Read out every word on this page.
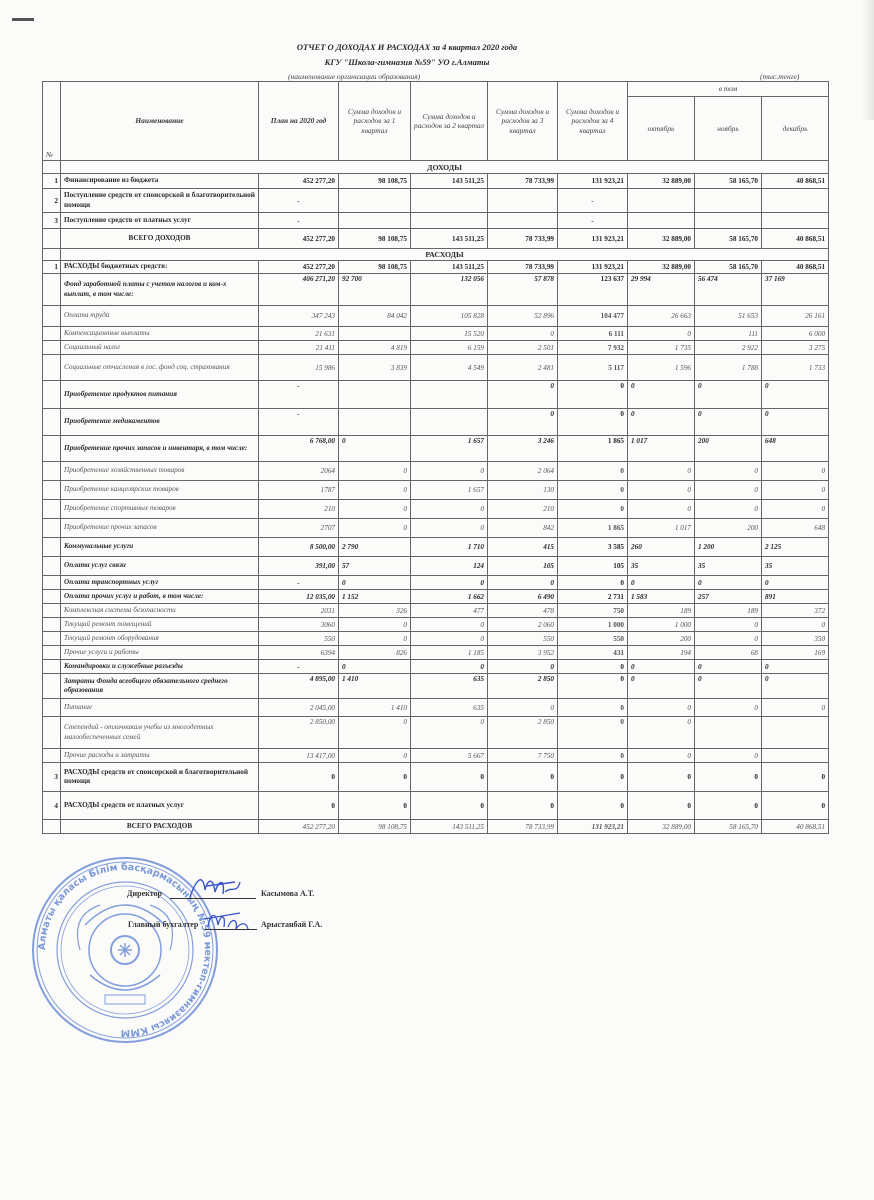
ОТЧЕТ О ДОХОДАХ И РАСХОДАХ за 4 квартал 2020 года
КГУ "Школа-гимназия №59" УО г.Алматы
(наименование организации образования)	(тыс.тенге)
№	Наименование	План на 2020 год	Сумма доходов и расходов за 1 квартал	Сумма доходов и расходов за 2 квартал	Сумма доходов и расходов за 3 квартал	Сумма доходов и расходов за 4 квартал	в том		
							октябрь	ноябрь	декабрь
	ДОХОДЫ								
1	Финансирование из бюджета	452 277,20	98 108,75	143 511,25	78 733,99	131 923,21	32 889,00	58 165,70	40 868,51
2	Поступление средств от спонсорской и благотворительной помощи	-				-			
3	Поступление средств от платных услуг	-				-			
	ВСЕГО ДОХОДОВ	452 277,20	98 108,75	143 511,25	78 733,99	131 923,21	32 889,00	58 165,70	40 868,51
	РАСХОДЫ								
1	РАСХОДЫ бюджетных средств:	452 277,20	98 108,75	143 511,25	78 733,99	131 923,21	32 889,00	58 165,70	40 868,51
	Фонд заработной платы с учетом налогов и ком-х выплат, в том числе:	406 271,20	92 700	132 056	57 878	123 637	29 994	56 474	37 169
	Оплата труда	347 243	84 042	105 828	52 896	104 477	26 663	51 653	26 161
	Компенсационные выплаты	21 631		15 520	0	6 111	0	111	6 000
	Социальный налог	21 411	4 819	6 159	2 501	7 932	1 735	2 922	3 275
	Социальные отчисления в гос. фонд соц. страхования	15 986	3 839	4 549	2 481	5 117	1 596	1 788	1 733
	Приобретение продуктов питания	-			0	0	0	0	0
	Приобретение медикаментов	-			0	0	0	0	0
	Приобретение прочих запасов и инвентаря, в том числе:	6 768,00	0	1 657	3 246	1 865	1 017	200	648
	Приобретение хозяйственных товаров	2064	0	0	2 064	0	0	0	0
	Приобретение канцелярских товаров	1787	0	1 657	130	0	0	0	0
	Приобретение спортивных товаров	210	0	0	210	0	0	0	0
	Приобретение прочих запасов	2707	0	0	842	1 865	1 017	200	648
	Коммунальные услуги	8 500,00	2 790	1 710	415	3 585	260	1 200	2 125
	Оплата услуг связи	391,00	57	124	105	105	35	35	35
	Оплата транспортных услуг	-	0	0	0	0	0	0	0
	Оплата прочих услуг и работ, в том числе:	12 035,00	1 152	1 662	6 490	2 731	1 583	257	891
	Комплексная система безопасности	2031	326	477	478	750	189	189	372
	Текущий ремонт помещений	3060	0	0	2 060	1 000	1 000	0	0
	Текущий ремонт оборудования	550	0	0	550	550	200	0	350
	Прочие услуги и работы	6394	826	1 185	3 952	431	194	68	169
	Командировки и служебные разъезды	-	0	0	0	0	0	0	0
	Затраты Фонда всеобщего обязательного среднего образования	4 895,00	1 410	635	2 850	0	0	0	0
	Питание	2 045,00	1 410	635	0	0	0	0	0
	Степендий - отличникам учебы из многодетных малообеспеченных семей	2 850,00	0	0	2 850	0	0		
	Прочие расходы и затраты	13 417,00	0	5 667	7 750	0	0	0	
3	РАСХОДЫ средств от спонсорской и благотворительной помощи	0	0	0	0	0	0	0	0
4	РАСХОДЫ средств от платных услуг	0	0	0	0	0	0	0	0
	ВСЕГО РАСХОДОВ	452 277,20	98 108,75	143 511,25	78 733,99	131 923,21	32 889,00	58 165,70	40 868,51
Алматы қаласы Білім басқармасының №59 мектеп-гимназиясы КММ
Директор	Касымова А.Т.
Главный бухгалтер	Арыстанбай Г.А.
